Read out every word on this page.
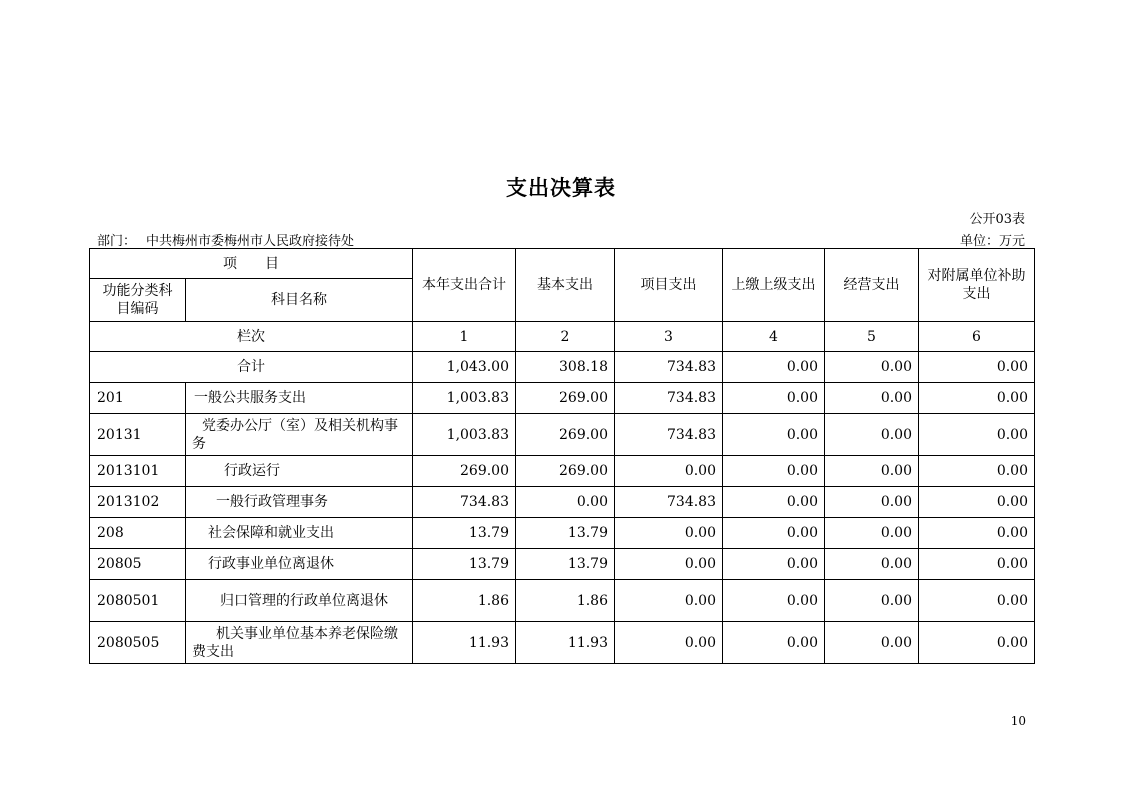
支出决算表
公开03表
部门： 中共梅州市委梅州市人民政府接待处	单位：万元
项　　目		本年支出合计	基本支出	项目支出	上缴上级支出	经营支出	对附属单位补助支出
功能分类科目编码	科目名称						
栏次		1	2	3	4	5	6
合计		1,043.00	308.18	734.83	0.00	0.00	0.00
201	一般公共服务支出	1,003.83	269.00	734.83	0.00	0.00	0.00
20131	党委办公厅（室）及相关机构事务	1,003.83	269.00	734.83	0.00	0.00	0.00
2013101	行政运行	269.00	269.00	0.00	0.00	0.00	0.00
2013102	一般行政管理事务	734.83	0.00	734.83	0.00	0.00	0.00
208	社会保障和就业支出	13.79	13.79	0.00	0.00	0.00	0.00
20805	行政事业单位离退休	13.79	13.79	0.00	0.00	0.00	0.00
2080501	归口管理的行政单位离退休	1.86	1.86	0.00	0.00	0.00	0.00
2080505	机关事业单位基本养老保险缴费支出	11.93	11.93	0.00	0.00	0.00	0.00
10
